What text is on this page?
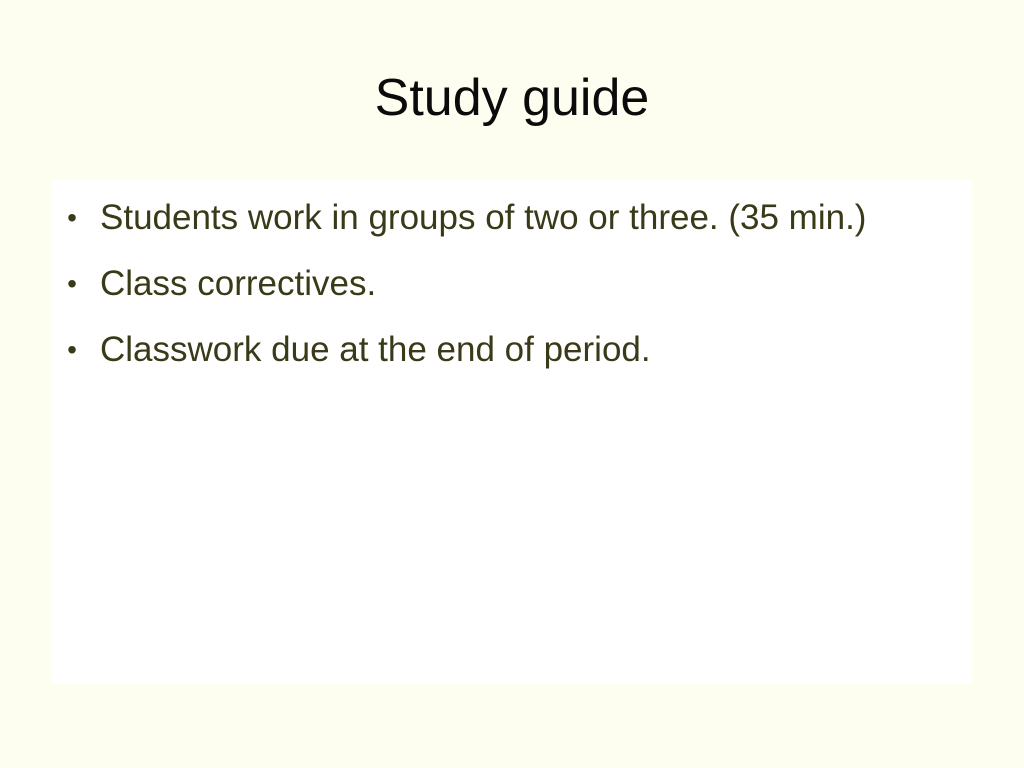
Study guide
• Students work in groups of two or three. (35 min.)
• Class correctives.
• Classwork due at the end of period.
